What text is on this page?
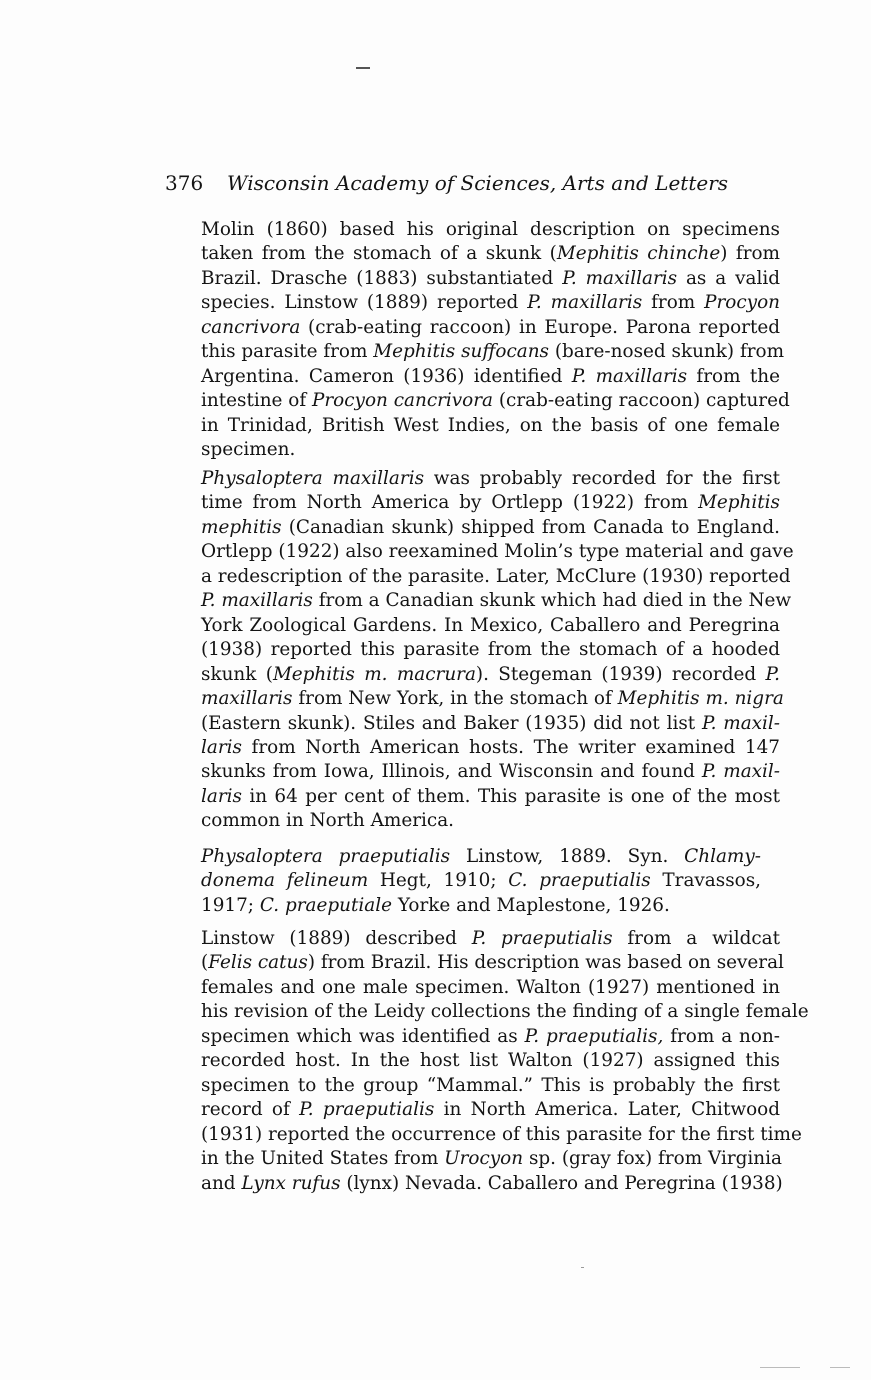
376 Wisconsin Academy of Sciences, Arts and Letters

Molin (1860) based his original description on specimens
taken from the stomach of a skunk (Mephitis chinche) from
Brazil. Drasche (1883) substantiated P. maxillaris as a valid
species. Linstow (1889) reported P. maxillaris from Procyon
cancrivora (crab-eating raccoon) in Europe. Parona reported
this parasite from Mephitis suffocans (bare-nosed skunk) from
Argentina. Cameron (1936) identified P. maxillaris from the
intestine of Procyon cancrivora (crab-eating raccoon) captured
in Trinidad, British West Indies, on the basis of one female
specimen.

Physaloptera maxillaris was probably recorded for the first
time from North America by Ortlepp (1922) from Mephitis
mephitis (Canadian skunk) shipped from Canada to England.
Ortlepp (1922) also reexamined Molin’s type material and gave
a redescription of the parasite. Later, McClure (1930) reported
P. maxillaris from a Canadian skunk which had died in the New
York Zoological Gardens. In Mexico, Caballero and Peregrina
(1938) reported this parasite from the stomach of a hooded
skunk (Mephitis m. macrura). Stegeman (1939) recorded P.
maxillaris from New York, in the stomach of Mephitis m. nigra
(Eastern skunk). Stiles and Baker (1935) did not list P. maxil-
laris from North American hosts. The writer examined 147
skunks from Iowa, Illinois, and Wisconsin and found P. maxil-
laris in 64 per cent of them. This parasite is one of the most
common in North America.

Physaloptera praeputialis Linstow, 1889. Syn. Chlamy-
donema felineum Hegt, 1910; C. praeputialis Travassos,
1917; C. praeputiale Yorke and Maplestone, 1926.

Linstow (1889) described P. praeputialis from a wildcat
(Felis catus) from Brazil. His description was based on several
females and one male specimen. Walton (1927) mentioned in
his revision of the Leidy collections the finding of a single female
specimen which was identified as P. praeputialis, from a non-
recorded host. In the host list Walton (1927) assigned this
specimen to the group “Mammal.” This is probably the first
record of P. praeputialis in North America. Later, Chitwood
(1931) reported the occurrence of this parasite for the first time
in the United States from Urocyon sp. (gray fox) from Virginia
and Lynx rufus (lynx) Nevada. Caballero and Peregrina (1938)
